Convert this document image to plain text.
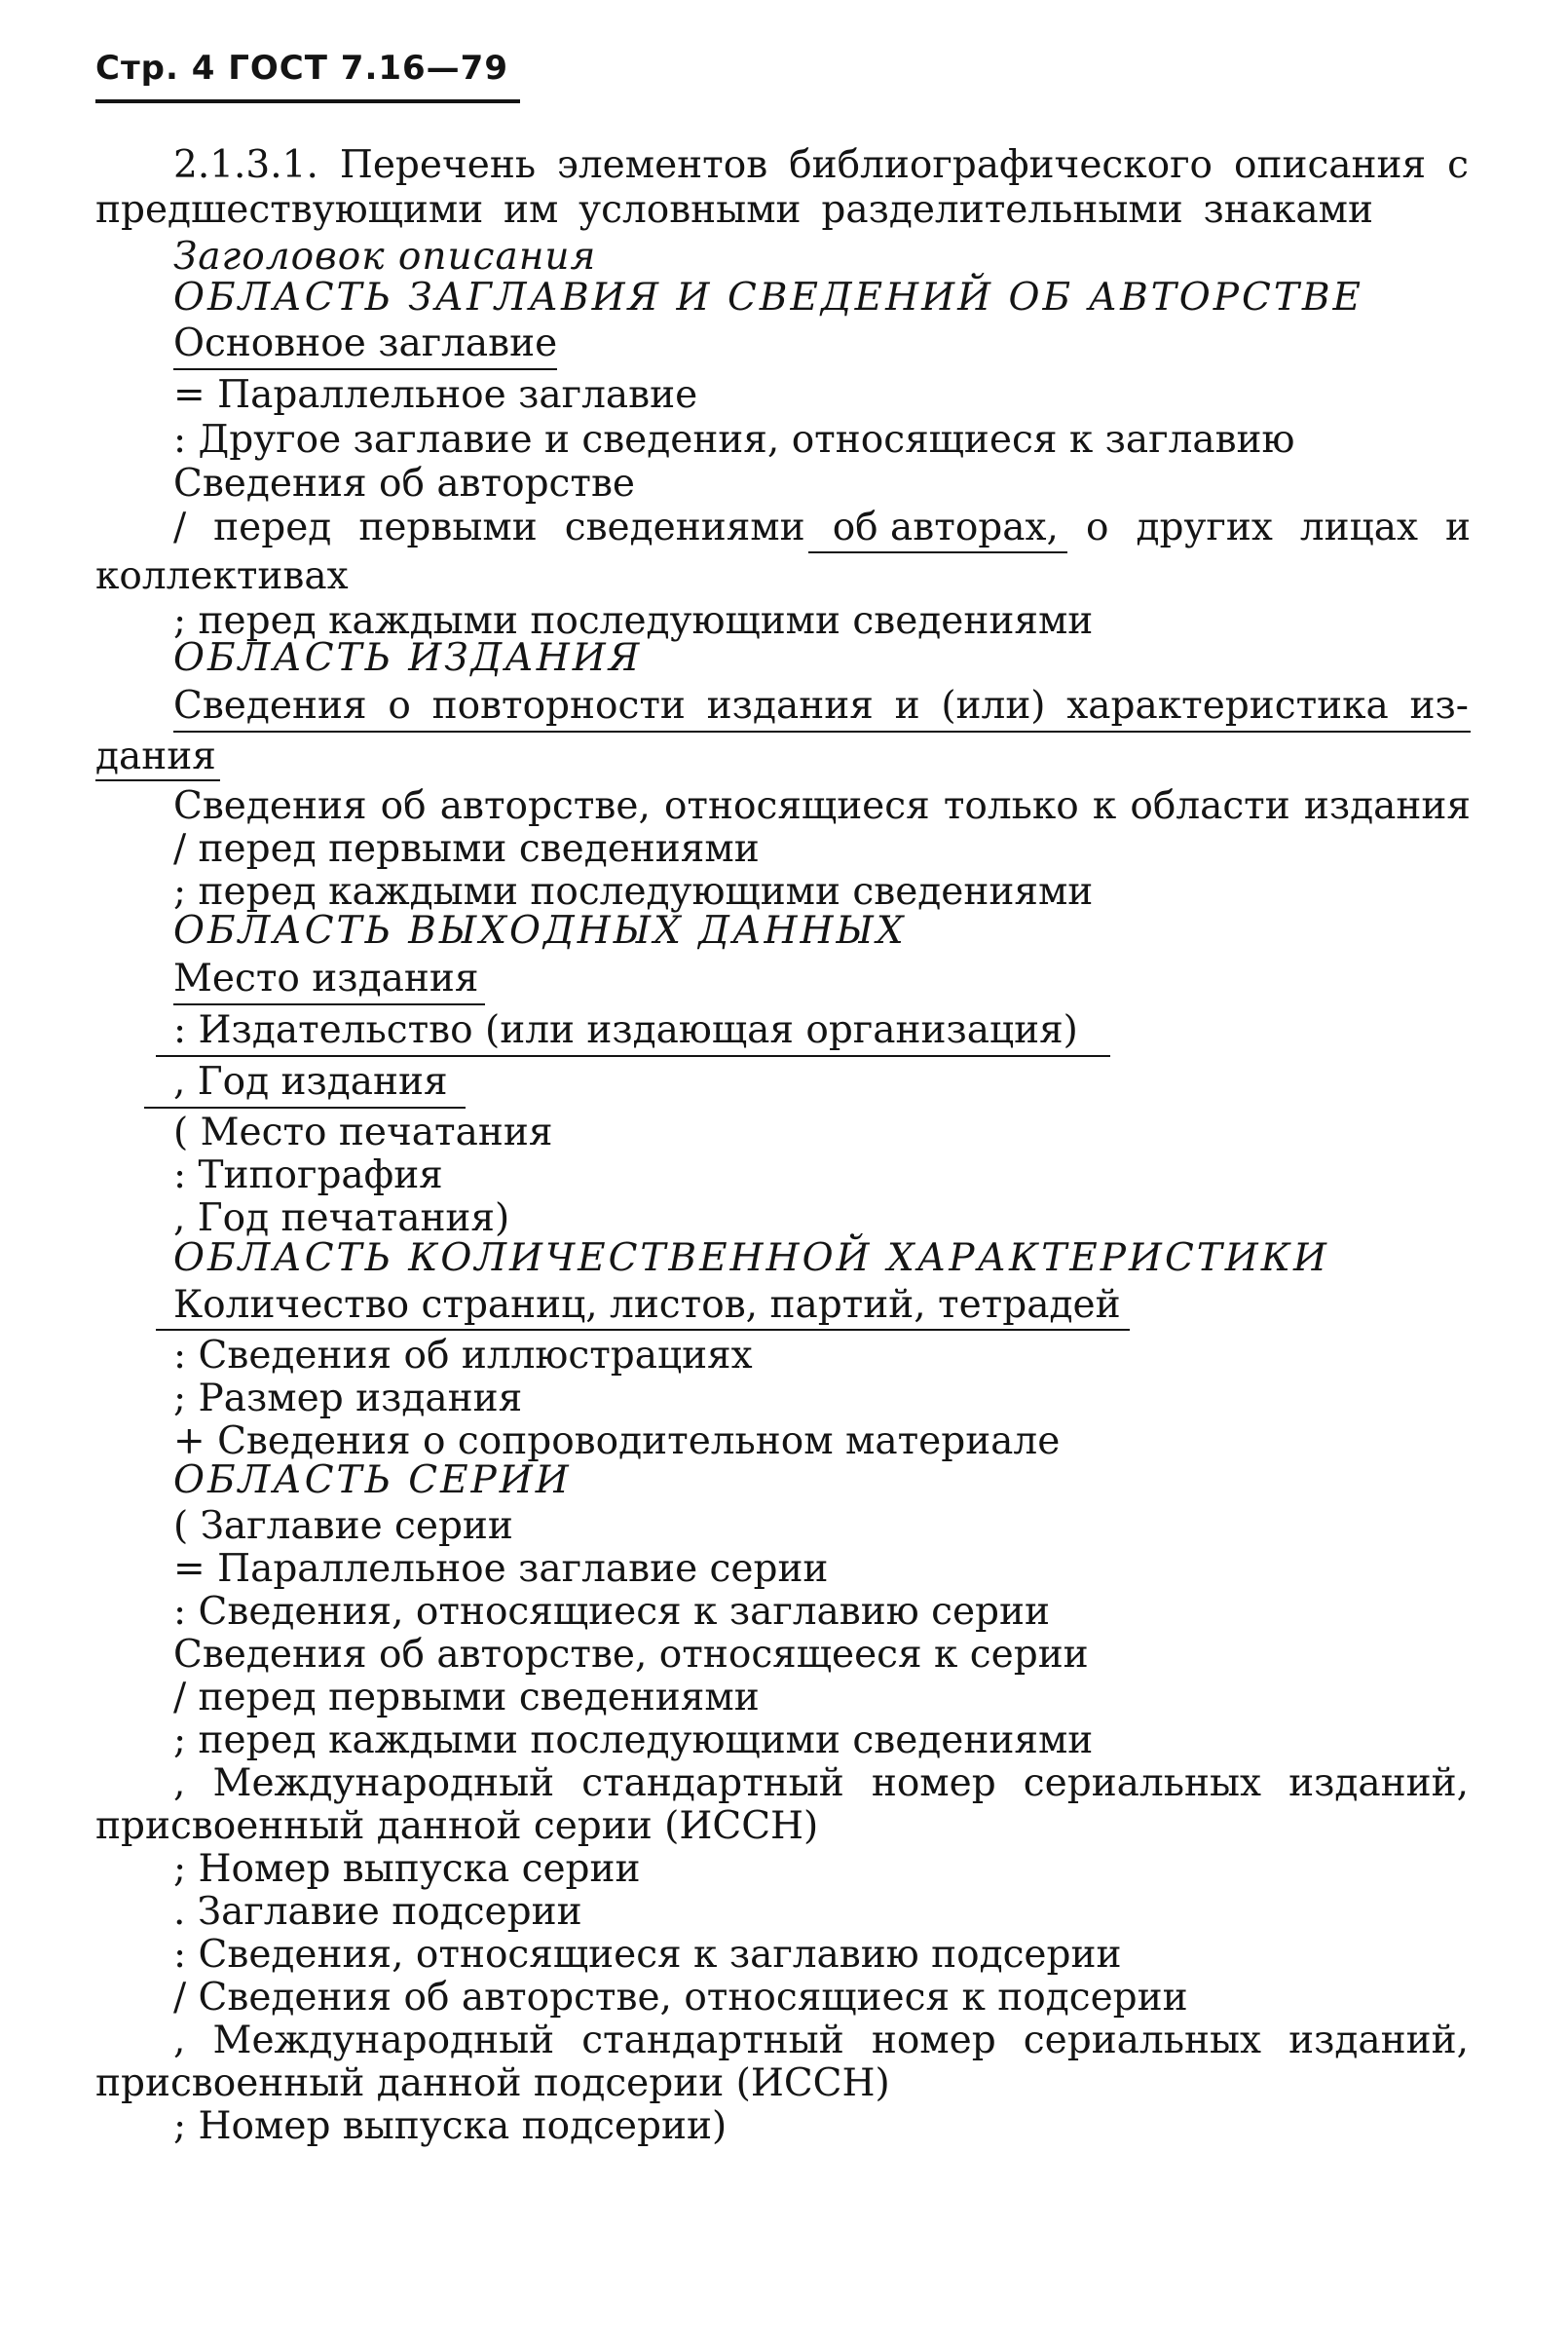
Стр. 4 ГОСТ 7.16—79
2.1.3.1. Перечень элементов библиографического описания с
предшествующими им условными разделительными знаками
Заголовок описания
ОБЛАСТЬ ЗАГЛАВИЯ И СВЕДЕНИЙ ОБ АВТОРСТВЕ
Основное заглавие
= Параллельное заглавие
: Другое заглавие и сведения, относящиеся к заглавию
Сведения об авторстве
/ перед первыми сведениями об авторах, о других лицах и
коллективах
; перед каждыми последующими сведениями
ОБЛАСТЬ ИЗДАНИЯ
Сведения о повторности издания и (или) характеристика из-
дания
Сведения об авторстве, относящиеся только к области издания
/ перед первыми сведениями
; перед каждыми последующими сведениями
ОБЛАСТЬ ВЫХОДНЫХ ДАННЫХ
Место издания
: Издательство (или издающая организация)
, Год издания
( Место печатания
: Типография
, Год печатания)
ОБЛАСТЬ КОЛИЧЕСТВЕННОЙ ХАРАКТЕРИСТИКИ
Количество страниц, листов, партий, тетрадей
: Сведения об иллюстрациях
; Размер издания
+ Сведения о сопроводительном материале
ОБЛАСТЬ СЕРИИ
( Заглавие серии
= Параллельное заглавие серии
: Сведения, относящиеся к заглавию серии
Сведения об авторстве, относящееся к серии
/ перед первыми сведениями
; перед каждыми последующими сведениями
, Международный стандартный номер сериальных изданий,
присвоенный данной серии (ИССН)
; Номер выпуска серии
. Заглавие подсерии
: Сведения, относящиеся к заглавию подсерии
/ Сведения об авторстве, относящиеся к подсерии
, Международный стандартный номер сериальных изданий,
присвоенный данной подсерии (ИССН)
; Номер выпуска подсерии)
